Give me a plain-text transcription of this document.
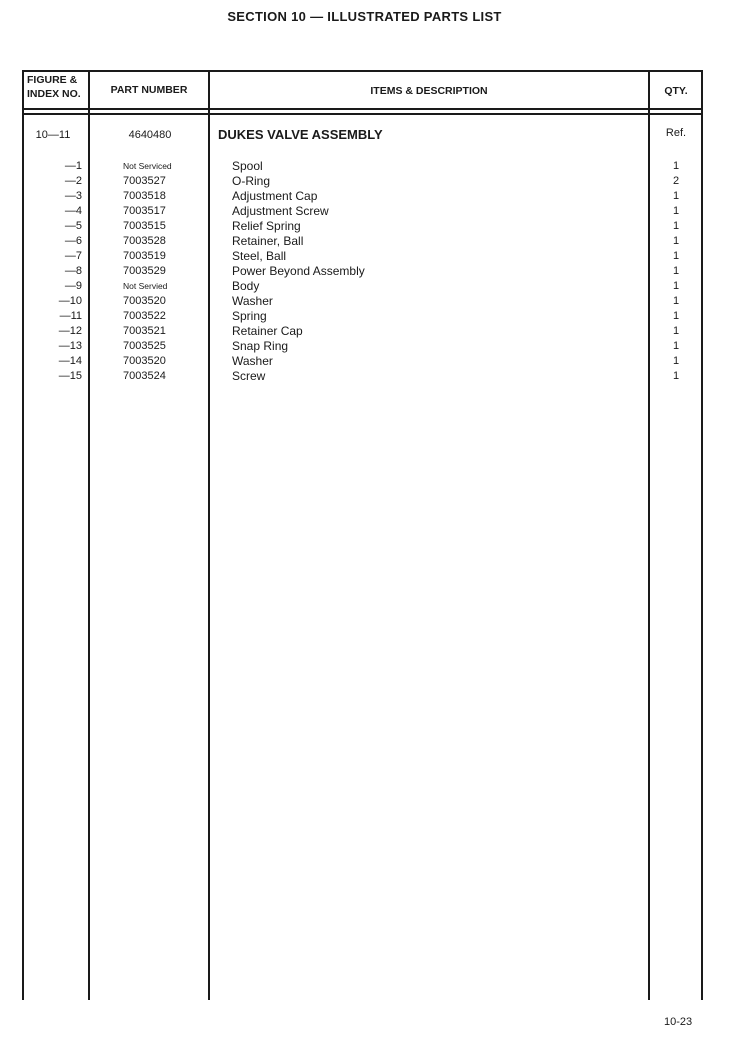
SECTION 10 — ILLUSTRATED PARTS LIST
FIGURE &
INDEX NO.	PART NUMBER	ITEMS & DESCRIPTION	QTY.
10—11	4640480	DUKES VALVE ASSEMBLY	Ref.
—1	Not Serviced	Spool	1
—2	7003527	O-Ring	2
—3	7003518	Adjustment Cap	1
—4	7003517	Adjustment Screw	1
—5	7003515	Relief Spring	1
—6	7003528	Retainer, Ball	1
—7	7003519	Steel, Ball	1
—8	7003529	Power Beyond Assembly	1
—9	Not Servied	Body	1
—10	7003520	Washer	1
—11	7003522	Spring	1
—12	7003521	Retainer Cap	1
—13	7003525	Snap Ring	1
—14	7003520	Washer	1
—15	7003524	Screw	1
10-23
